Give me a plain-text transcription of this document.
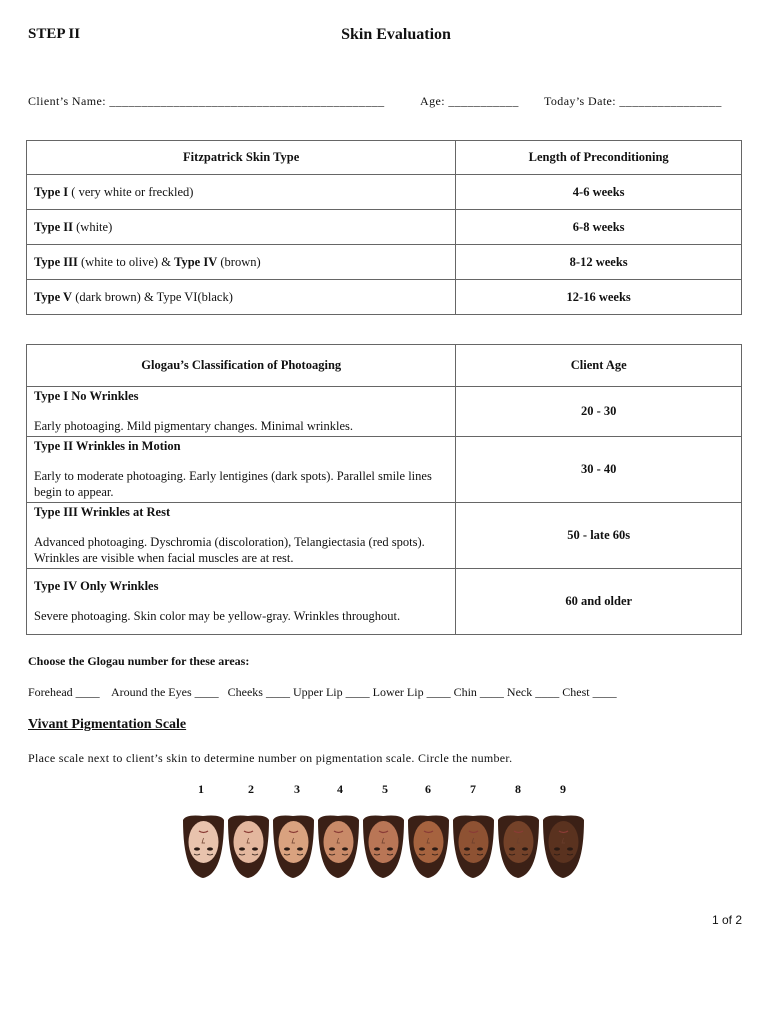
STEP II	Skin Evaluation
Client’s Name: ___________________________________________	Age: ___________ Today’s Date: ________________
Fitzpatrick Skin Type	Length of Preconditioning
Type I ( very white or freckled)	4-6 weeks
Type II (white)	6-8 weeks
Type III (white to olive) & Type IV (brown)	8-12 weeks
Type V (dark brown) & Type VI(black)	12-16 weeks
Glogau’s Classification of Photoaging	Client Age

Type I No Wrinkles
Early photoaging. Mild pigmentary changes. Minimal wrinkles.	20 - 30

Type II Wrinkles in Motion
Early to moderate photoaging. Early lentigines (dark spots). Parallel smile lines begin to appear.	30 - 40

Type III Wrinkles at Rest
Advanced photoaging. Dyschromia (discoloration), Telangiectasia (red spots). Wrinkles are visible when facial muscles are at rest.	50 - late 60s

Type IV Only Wrinkles
Severe photoaging. Skin color may be yellow-gray. Wrinkles throughout.	60 and older
Choose the Glogau number for these areas:
Forehead ____    Around the Eyes ____   Cheeks ____ Upper Lip ____ Lower Lip ____ Chin ____ Neck ____ Chest ____
Vivant Pigmentation Scale
Place scale next to client’s skin to determine number on pigmentation scale. Circle the number.
1	2	3	4	5	6	7	8	9
1 of 2
